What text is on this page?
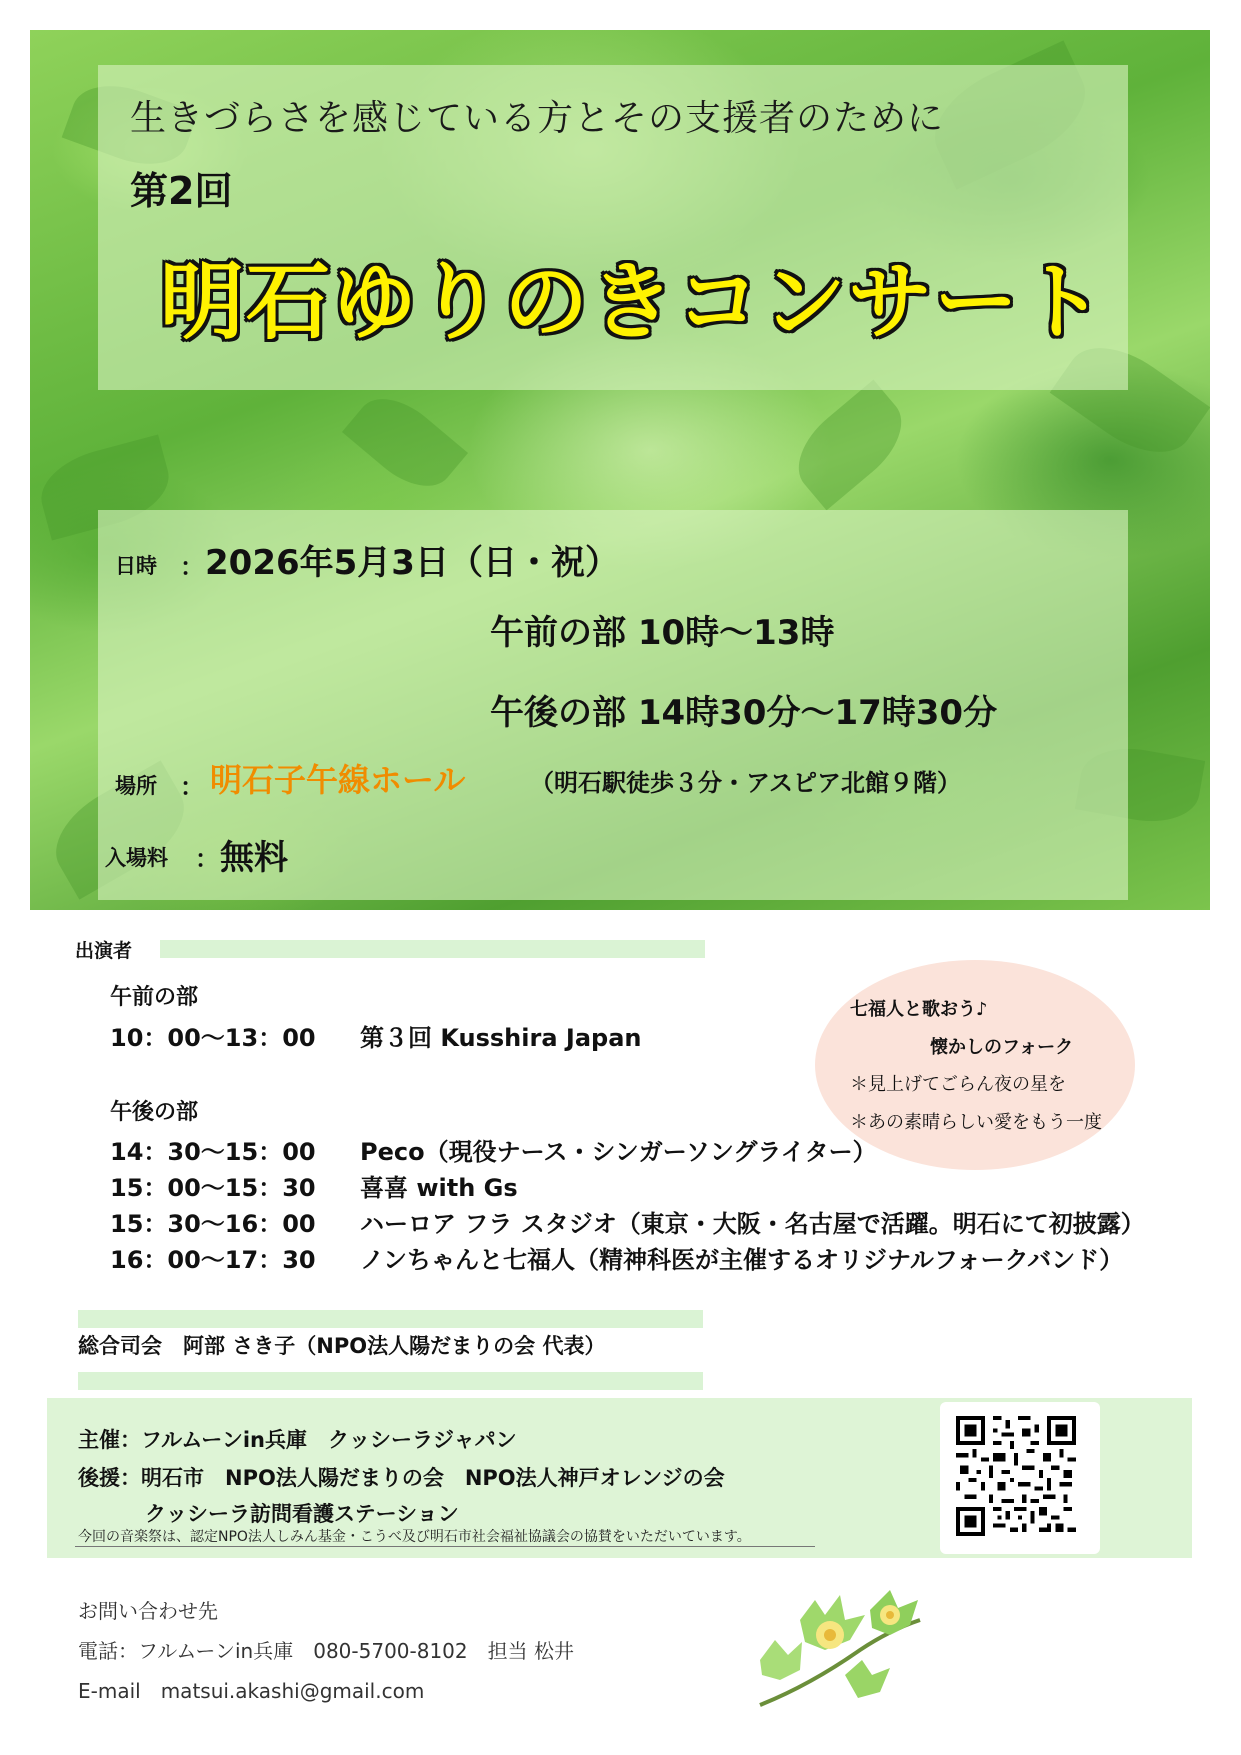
生きづらさを感じている方とその支援者のために
第2回
明石ゆりのきコンサート
日時 ： 2026年5月3日（日・祝）
午前の部 10時～13時
午後の部 14時30分～17時30分
場所 ： 明石子午線ホール	（明石駅徒歩３分・アスピア北館９階）
入場料 ： 無料
出演者
午前の部
10：00～13：00 第３回 Kusshira Japan
午後の部
14：30～15：00 Peco（現役ナース・シンガーソングライター）
15：00～15：30 喜喜 with Gs
15：30～16：00 ハーロア フラ スタジオ（東京・大阪・名古屋で活躍。明石にて初披露）
16：00～17：30 ノンちゃんと七福人（精神科医が主催するオリジナルフォークバンド）
七福人と歌おう♪
懐かしのフォーク
＊見上げてごらん夜の星を
＊あの素晴らしい愛をもう一度
総合司会　阿部 さき子（NPO法人陽だまりの会 代表）
主催：フルムーンin兵庫　クッシーラジャパン
後援：明石市　NPO法人陽だまりの会　NPO法人神戸オレンジの会
クッシーラ訪問看護ステーション
今回の音楽祭は、認定NPO法人しみん基金・こうべ及び明石市社会福祉協議会の協賛をいただいています。
お問い合わせ先
電話：フルムーンin兵庫　080-5700-8102　担当 松井
E-mail　matsui.akashi@gmail.com
